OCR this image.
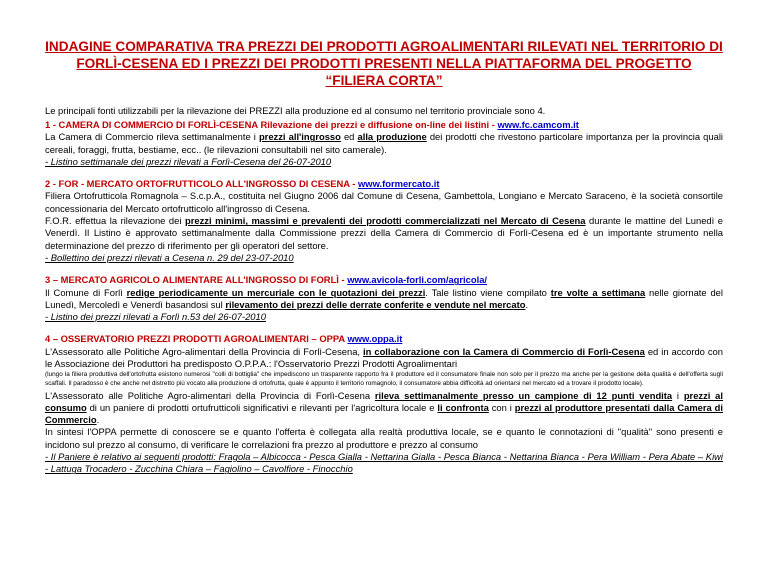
INDAGINE COMPARATIVA TRA PREZZI DEI PRODOTTI AGROALIMENTARI RILEVATI NEL TERRITORIO DI FORLÌ-CESENA ED I PREZZI DEI PRODOTTI PRESENTI NELLA PIATTAFORMA DEL PROGETTO “FILIERA CORTA”
Le principali fonti utilizzabili per la rilevazione dei PREZZI alla produzione ed al consumo nel territorio provinciale sono 4.
1 - CAMERA DI COMMERCIO DI FORLÌ-CESENA Rilevazione dei prezzi e diffusione on-line dei listini - www.fc.camcom.it
La Camera di Commercio rileva settimanalmente i prezzi all'ingrosso ed alla produzione dei prodotti che rivestono particolare importanza per la provincia quali cereali, foraggi, frutta, bestiame, ecc.. (le rilevazioni consultabili nel sito camerale).
- Listino settimanale dei prezzi rilevati a Forlì-Cesena del 26-07-2010
2 - FOR - MERCATO ORTOFRUTTICOLO ALL'INGROSSO DI CESENA - www.formercato.it
Filiera Ortofrutticola Romagnola – S.c.p.A., costituita nel Giugno 2006 dal Comune di Cesena, Gambettola, Longiano e Mercato Saraceno, è la società consortile concessionaria del Mercato ortofrutticolo all'ingrosso di Cesena.
F.O.R. effettua la rilevazione dei prezzi minimi, massimi e prevalenti dei prodotti commercializzati nel Mercato di Cesena durante le mattine del Lunedì e Venerdì. Il Listino è approvato settimanalmente dalla Commissione prezzi della Camera di Commercio di Forlì-Cesena ed è un importante strumento nella determinazione del prezzo di riferimento per gli operatori del settore.
- Bollettino dei prezzi rilevati a Cesena n. 29 del 23-07-2010
3 – MERCATO AGRICOLO ALIMENTARE ALL'INGROSSO DI FORLÌ - www.avicola-forli.com/agricola/
Il Comune di Forlì redige periodicamente un mercuriale con le quotazioni dei prezzi. Tale listino viene compilato tre volte a settimana nelle giornate del Lunedì, Mercoledì e Venerdì basandosi sul rilevamento dei prezzi delle derrate conferite e vendute nel mercato.
- Listino dei prezzi rilevati a Forlì n.53 del 26-07-2010
4 – OSSERVATORIO PREZZI PRODOTTI AGROALIMENTARI – OPPA www.oppa.it
L'Assessorato alle Politiche Agro-alimentari della Provincia di Forlì-Cesena, in collaborazione con la Camera di Commercio di Forlì-Cesena ed in accordo con le Associazione dei Produttori ha predisposto O.P.P.A.: l'Osservatorio Prezzi Prodotti Agroalimentari
(lungo la filiera produttiva dell'ortofrutta esistono numerosi "colli di bottiglia" che impediscono un trasparente rapporto fra il produttore ed il consumatore finale non solo per il prezzo ma anche per la gestione della qualità e dell'offerta sugli scaffali. Il paradosso è che anche nel distretto più vocato alla produzione di ortofrutta, quale è appunto il territorio romagnolo, il consumatore abbia difficoltà ad orientarsi nel mercato ed a trovare il prodotto locale).
L'Assessorato alle Politiche Agro-alimentari della Provincia di Forlì-Cesena rileva settimanalmente presso un campione di 12 punti vendita i prezzi al consumo di un paniere di prodotti ortufrutticoli significativi e rilevanti per l'agricoltura locale e li confronta con i prezzi al produttore presentati dalla Camera di Commercio.
In sintesi l'OPPA permette di conoscere se e quanto l'offerta è collegata alla realtà produttiva locale, se e quanto le connotazioni di "qualità" sono presenti e incidono sul prezzo al consumo, di verificare le correlazioni fra prezzo al produttore e prezzo al consumo
- Il Paniere è relativo ai seguenti prodotti: Fragola – Albicocca - Pesca Gialla - Nettarina Gialla - Pesca Bianca - Nettarina Bianca - Pera William - Pera Abate – Kiwi - Lattuga Trocadero - Zucchina Chiara – Fagiolino – Cavolfiore - Finocchio
